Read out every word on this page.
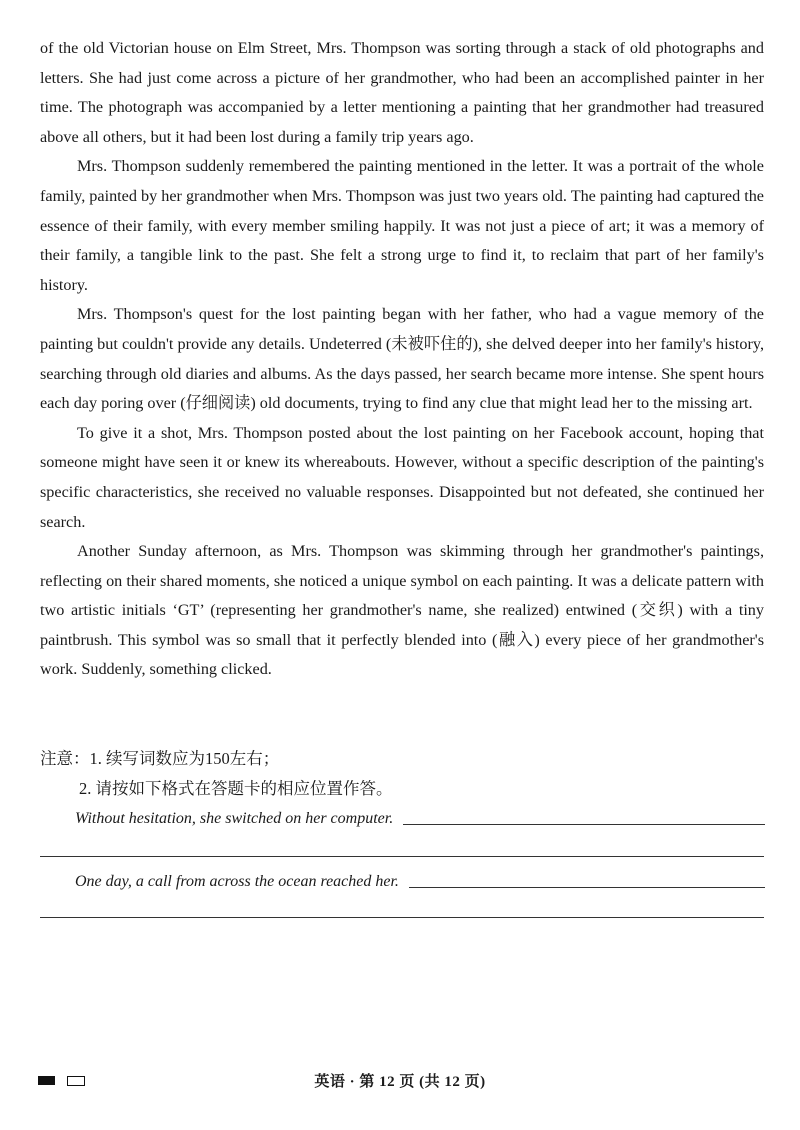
of the old Victorian house on Elm Street, Mrs. Thompson was sorting through a stack of old photographs and letters. She had just come across a picture of her grandmother, who had been an accomplished painter in her time. The photograph was accompanied by a letter mentioning a painting that her grandmother had treasured above all others, but it had been lost during a family trip years ago.

Mrs. Thompson suddenly remembered the painting mentioned in the letter. It was a portrait of the whole family, painted by her grandmother when Mrs. Thompson was just two years old. The painting had captured the essence of their family, with every member smiling happily. It was not just a piece of art; it was a memory of their family, a tangible link to the past. She felt a strong urge to find it, to reclaim that part of her family's history.

Mrs. Thompson's quest for the lost painting began with her father, who had a vague memory of the painting but couldn't provide any details. Undeterred (未被吓住的), she delved deeper into her family's history, searching through old diaries and albums. As the days passed, her search became more intense. She spent hours each day poring over (仔细阅读) old documents, trying to find any clue that might lead her to the missing art.

To give it a shot, Mrs. Thompson posted about the lost painting on her Facebook account, hoping that someone might have seen it or knew its whereabouts. However, without a specific description of the painting's specific characteristics, she received no valuable responses. Disappointed but not defeated, she continued her search.

Another Sunday afternoon, as Mrs. Thompson was skimming through her grandmother's paintings, reflecting on their shared moments, she noticed a unique symbol on each painting. It was a delicate pattern with two artistic initials ‘GT’ (representing her grandmother's name, she realized) entwined (交织) with a tiny paintbrush. This symbol was so small that it perfectly blended into (融入) every piece of her grandmother's work. Suddenly, something clicked.

注意：1. 续写词数应为150左右；
2. 请按如下格式在答题卡的相应位置作答。
Without hesitation, she switched on her computer.
One day, a call from across the ocean reached her.
英语 · 第 12 页 (共 12 页)
